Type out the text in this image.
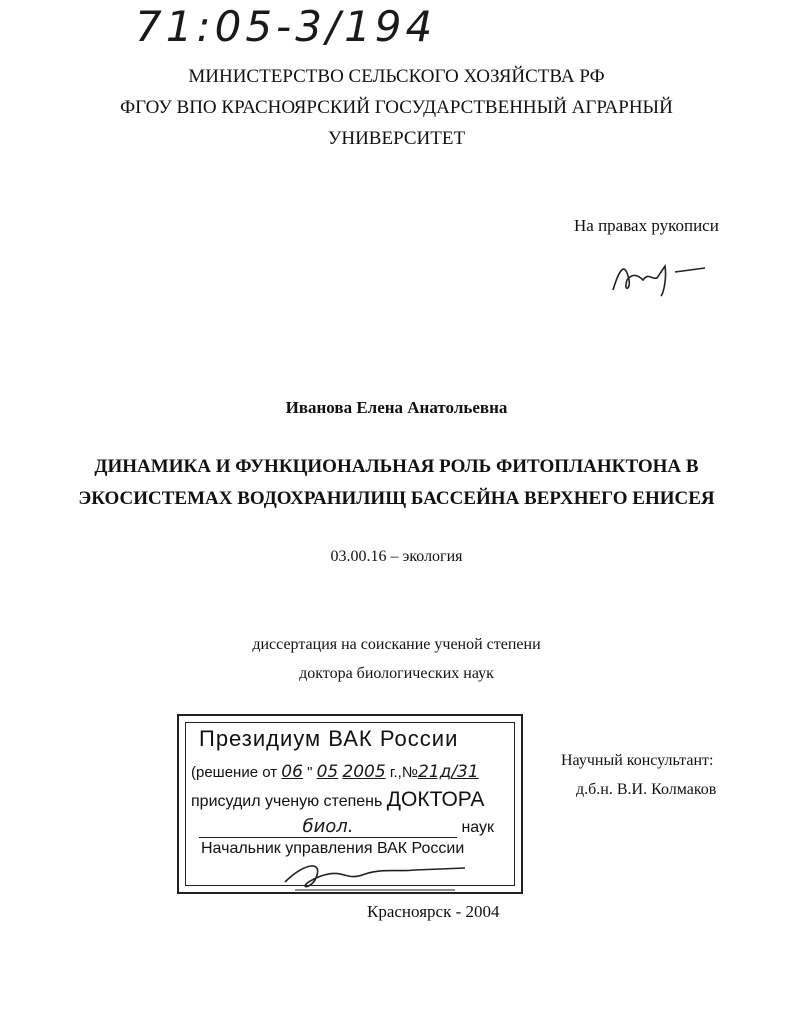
71:05-3/194
МИНИСТЕРСТВО СЕЛЬСКОГО ХОЗЯЙСТВА РФ
ФГОУ ВПО КРАСНОЯРСКИЙ ГОСУДАРСТВЕННЫЙ АГРАРНЫЙ
УНИВЕРСИТЕТ
На правах рукописи
Иванова Елена Анатольевна
ДИНАМИКА И ФУНКЦИОНАЛЬНАЯ РОЛЬ ФИТОПЛАНКТОНА В
ЭКОСИСТЕМАХ ВОДОХРАНИЛИЩ БАССЕЙНА ВЕРХНЕГО ЕНИСЕЯ
03.00.16 – экология
диссертация на соискание ученой степени
доктора биологических наук
Президиум ВАК России
(решение от 06 " 05 2005 г.,№21д/31
присудил ученую степень ДОКТОРА
биол.	наук
Начальник управления ВАК России
Научный консультант:
д.б.н. В.И. Колмаков
Красноярск - 2004
